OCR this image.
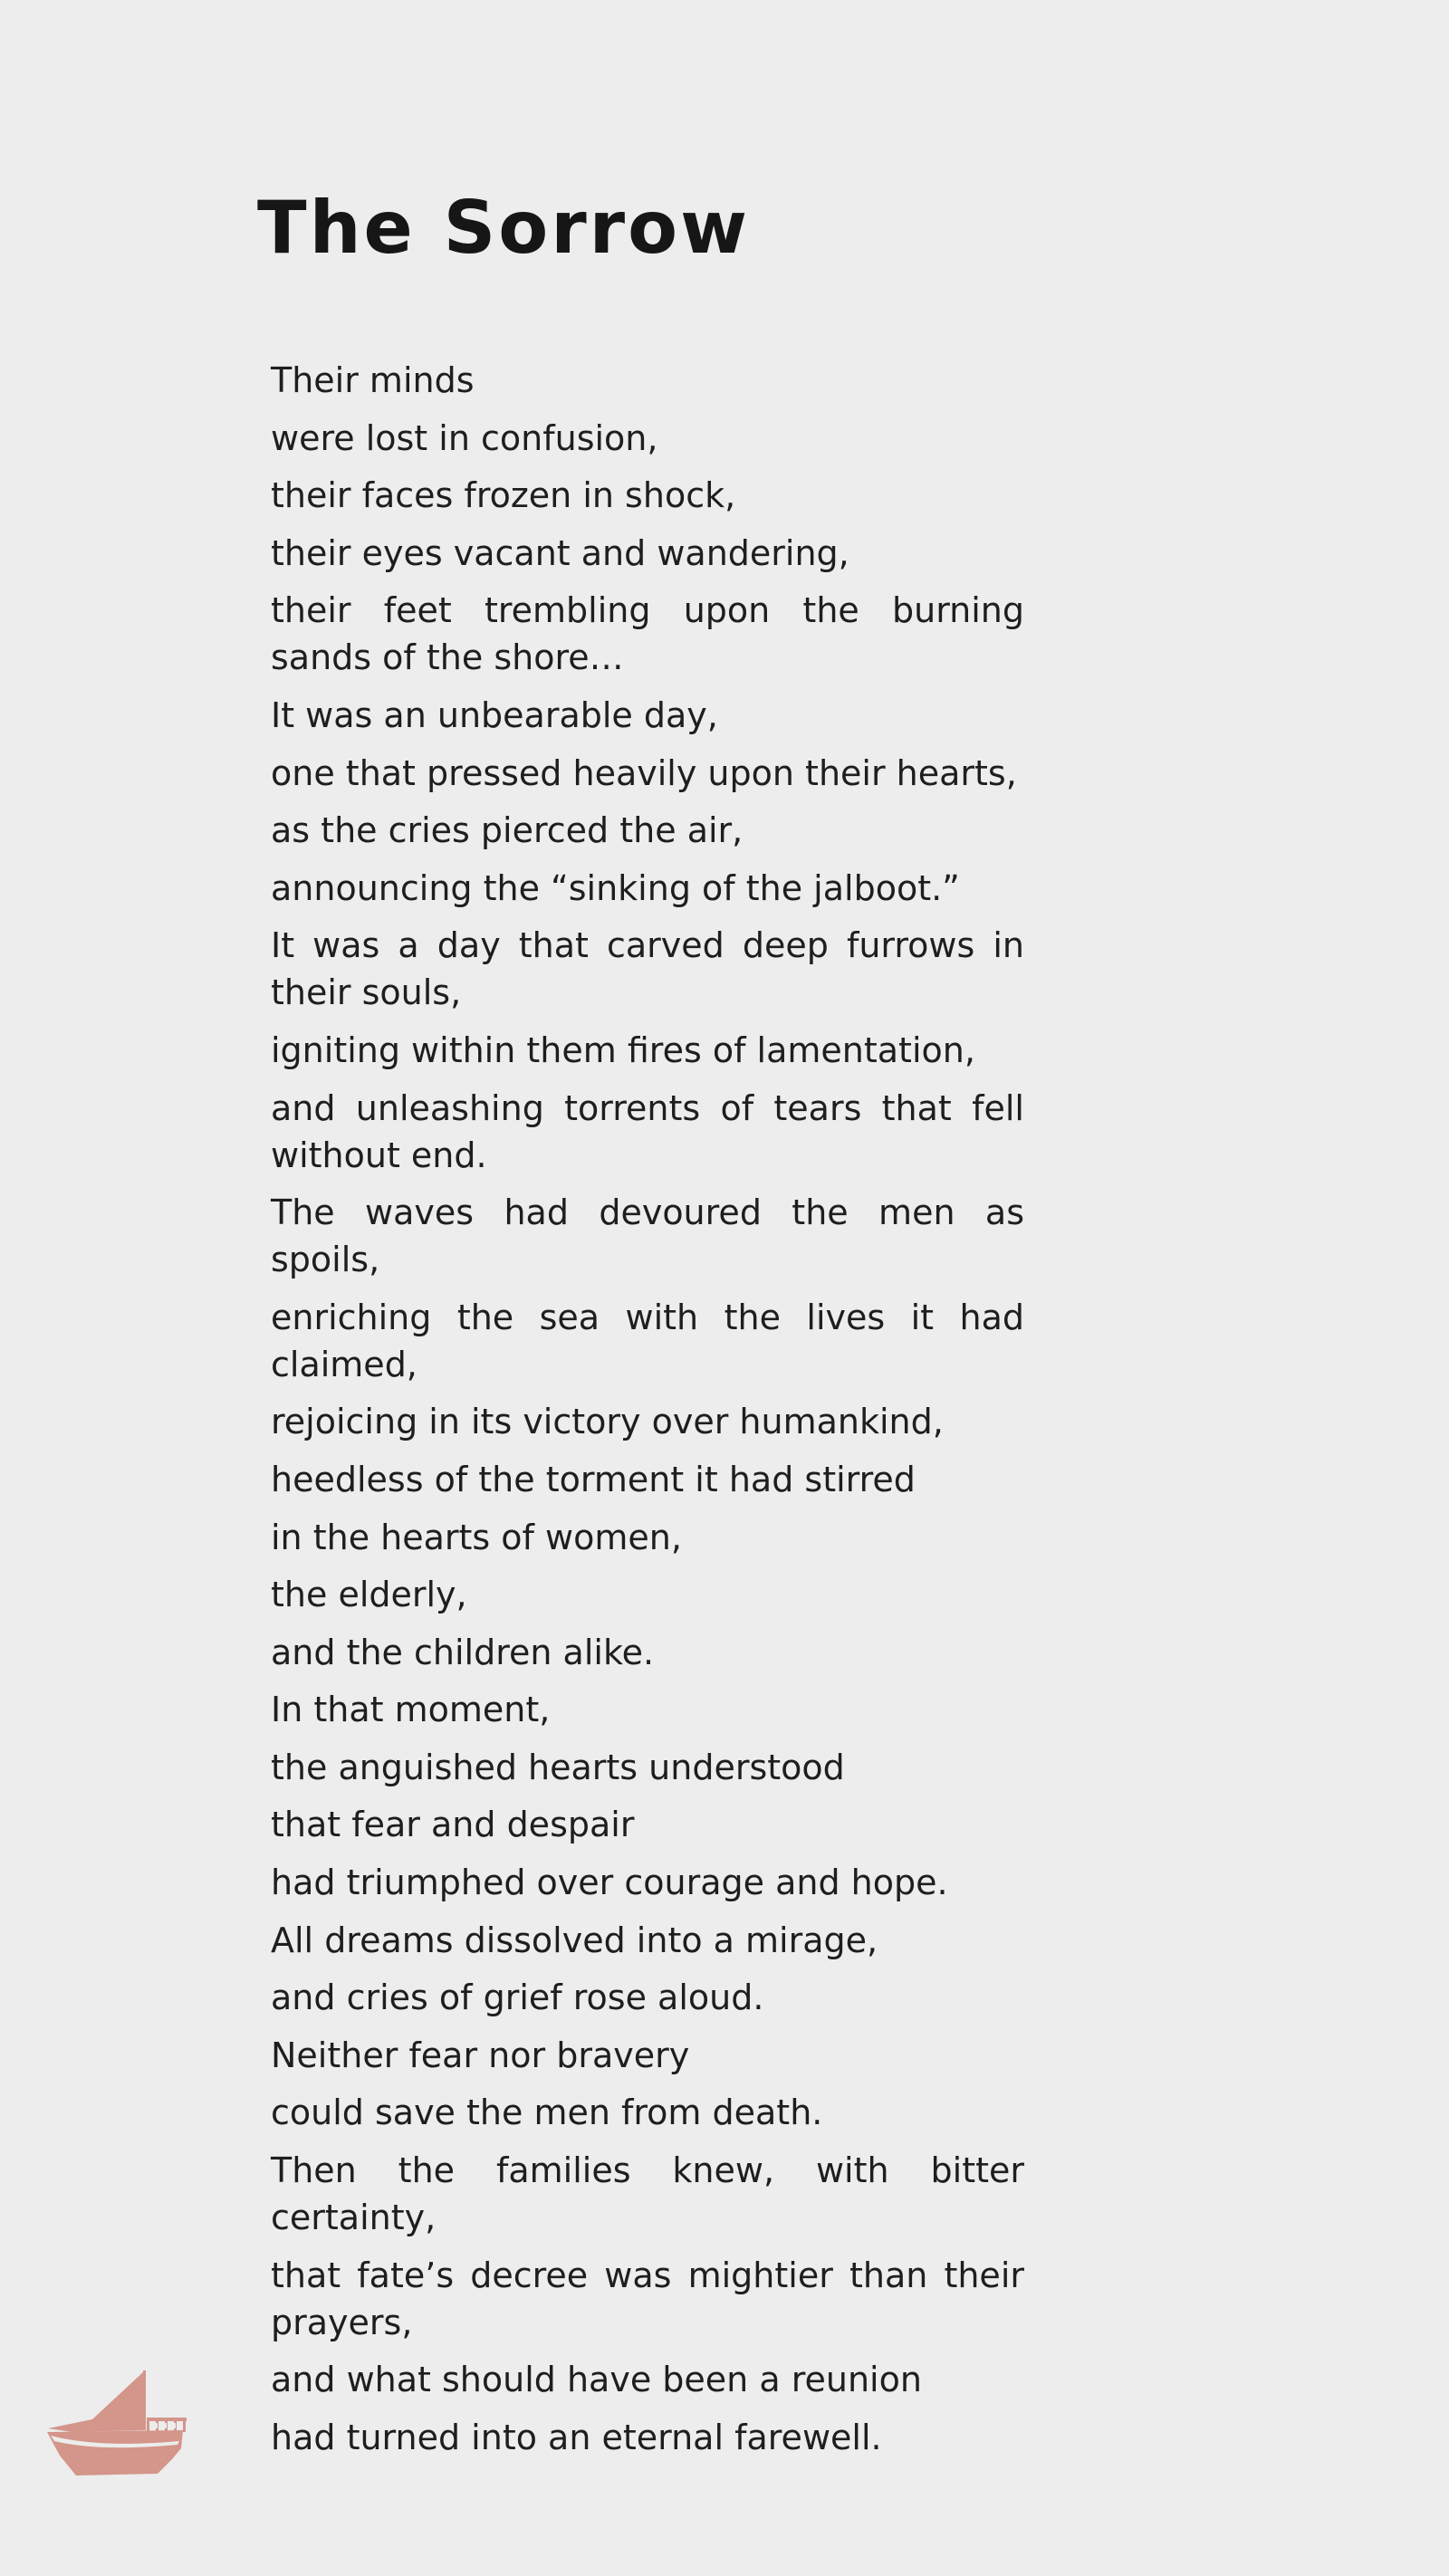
The Sorrow
Their minds
were lost in confusion,
their faces frozen in shock,
their eyes vacant and wandering,
their feet trembling upon the burning sands of the shore…
It was an unbearable day,
one that pressed heavily upon their hearts,
as the cries pierced the air,
announcing the “sinking of the jalboot.”
It was a day that carved deep furrows in their souls,
igniting within them fires of lamentation,
and unleashing torrents of tears that fell without end.
The waves had devoured the men as spoils,
enriching the sea with the lives it had claimed,
rejoicing in its victory over humankind,
heedless of the torment it had stirred
in the hearts of women,
the elderly,
and the children alike.
In that moment,
the anguished hearts understood
that fear and despair
had triumphed over courage and hope.
All dreams dissolved into a mirage,
and cries of grief rose aloud.
Neither fear nor bravery
could save the men from death.
Then the families knew, with bitter certainty,
that fate’s decree was mightier than their prayers,
and what should have been a reunion
had turned into an eternal farewell.
